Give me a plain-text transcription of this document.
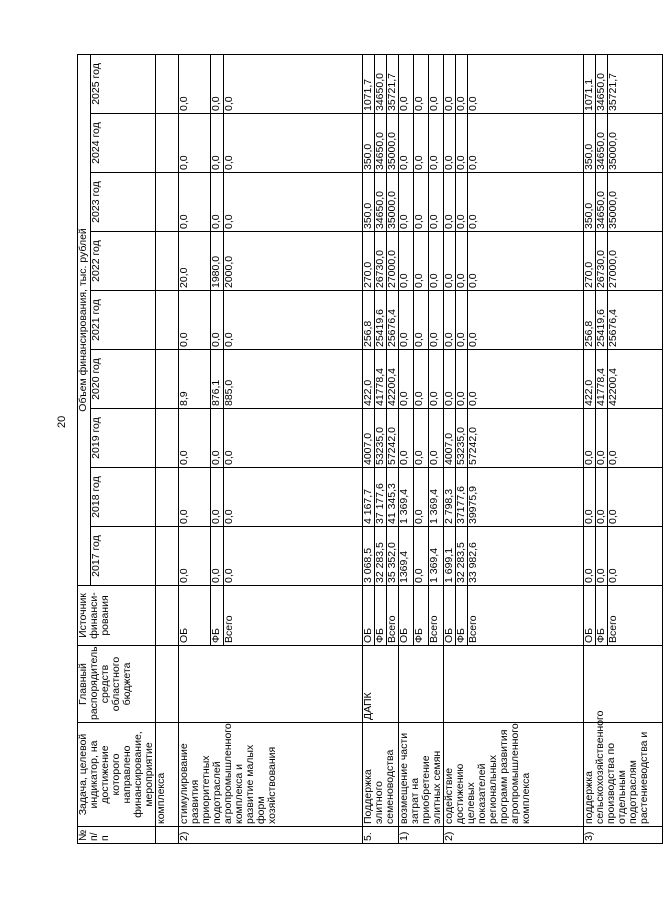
20
№ п/п	Задача, целевой индикатор, на достижение которого направлено финансирование, мероприятие	Главный распорядитель средств областного бюджета	Источник финанси-рования	Объем финансирования, тыс. рублей								
				2017 год	2018 год	2019 год	2020 год	2021 год	2022 год	2023 год	2024 год	2025 год
	комплекса											
2)	стимулирование развития приоритетных подотраслей агропромышленного комплекса и развитие малых форм хозяйствования		ОБ	0,0	0,0	0,0	8,9	0,0	20,0	0,0	0,0	0,0
			ФБ	0,0	0,0	0,0	876,1	0,0	1980,0	0,0	0,0	0,0
			Всего	0,0	0,0	0,0	885,0	0,0	2000,0	0,0	0,0	0,0
5.	Поддержка элитного семеноводства	ДАПК	ОБ	3 068,5	4 167,7	4007,0	422,0	256,8	270,0	350,0	350,0	1071,7
			ФБ	32 283,5	37 177,6	53235,0	41778,4	25419,6	26730,0	34650,0	34650,0	34650,0
			Всего	35 352,0	41 345,3	57242,0	42200,4	25676,4	27000,0	35000,0	35000,0	35721,7
1)	возмещение части затрат на приобретение элитных семян		ОБ	1369,4	1 369,4	0,0	0,0	0,0	0,0	0,0	0,0	0,0
			ФБ	0,0	0,0	0,0	0,0	0,0	0,0	0,0	0,0	0,0
			Всего	1 369,4	1 369,4	0,0	0,0	0,0	0,0	0,0	0,0	0,0
2)	содействие достижению целевых показателей региональных программ развития агропромышленного комплекса		ОБ	1 699,1	2 798,3	4007,0	0,0	0,0	0,0	0,0	0,0	0,0
			ФБ	32 283,5	37177,6	53235,0	0,0	0,0	0,0	0,0	0,0	0,0
			Всего	33 982,6	39975,9	57242,0	0,0	0,0	0,0	0,0	0,0	0,0
3)	поддержка сельскохозяйственного производства по отдельным подотраслям растениеводства и		ОБ	0,0	0,0	0,0	422,0	256,8	270,0	350,0	350,0	1071,1
			ФБ	0,0	0,0	0,0	41778,4	25419,6	26730,0	34650,0	34650,0	34650,0
			Всего	0,0	0,0	0,0	42200,4	25676,4	27000,0	35000,0	35000,0	35721,7
